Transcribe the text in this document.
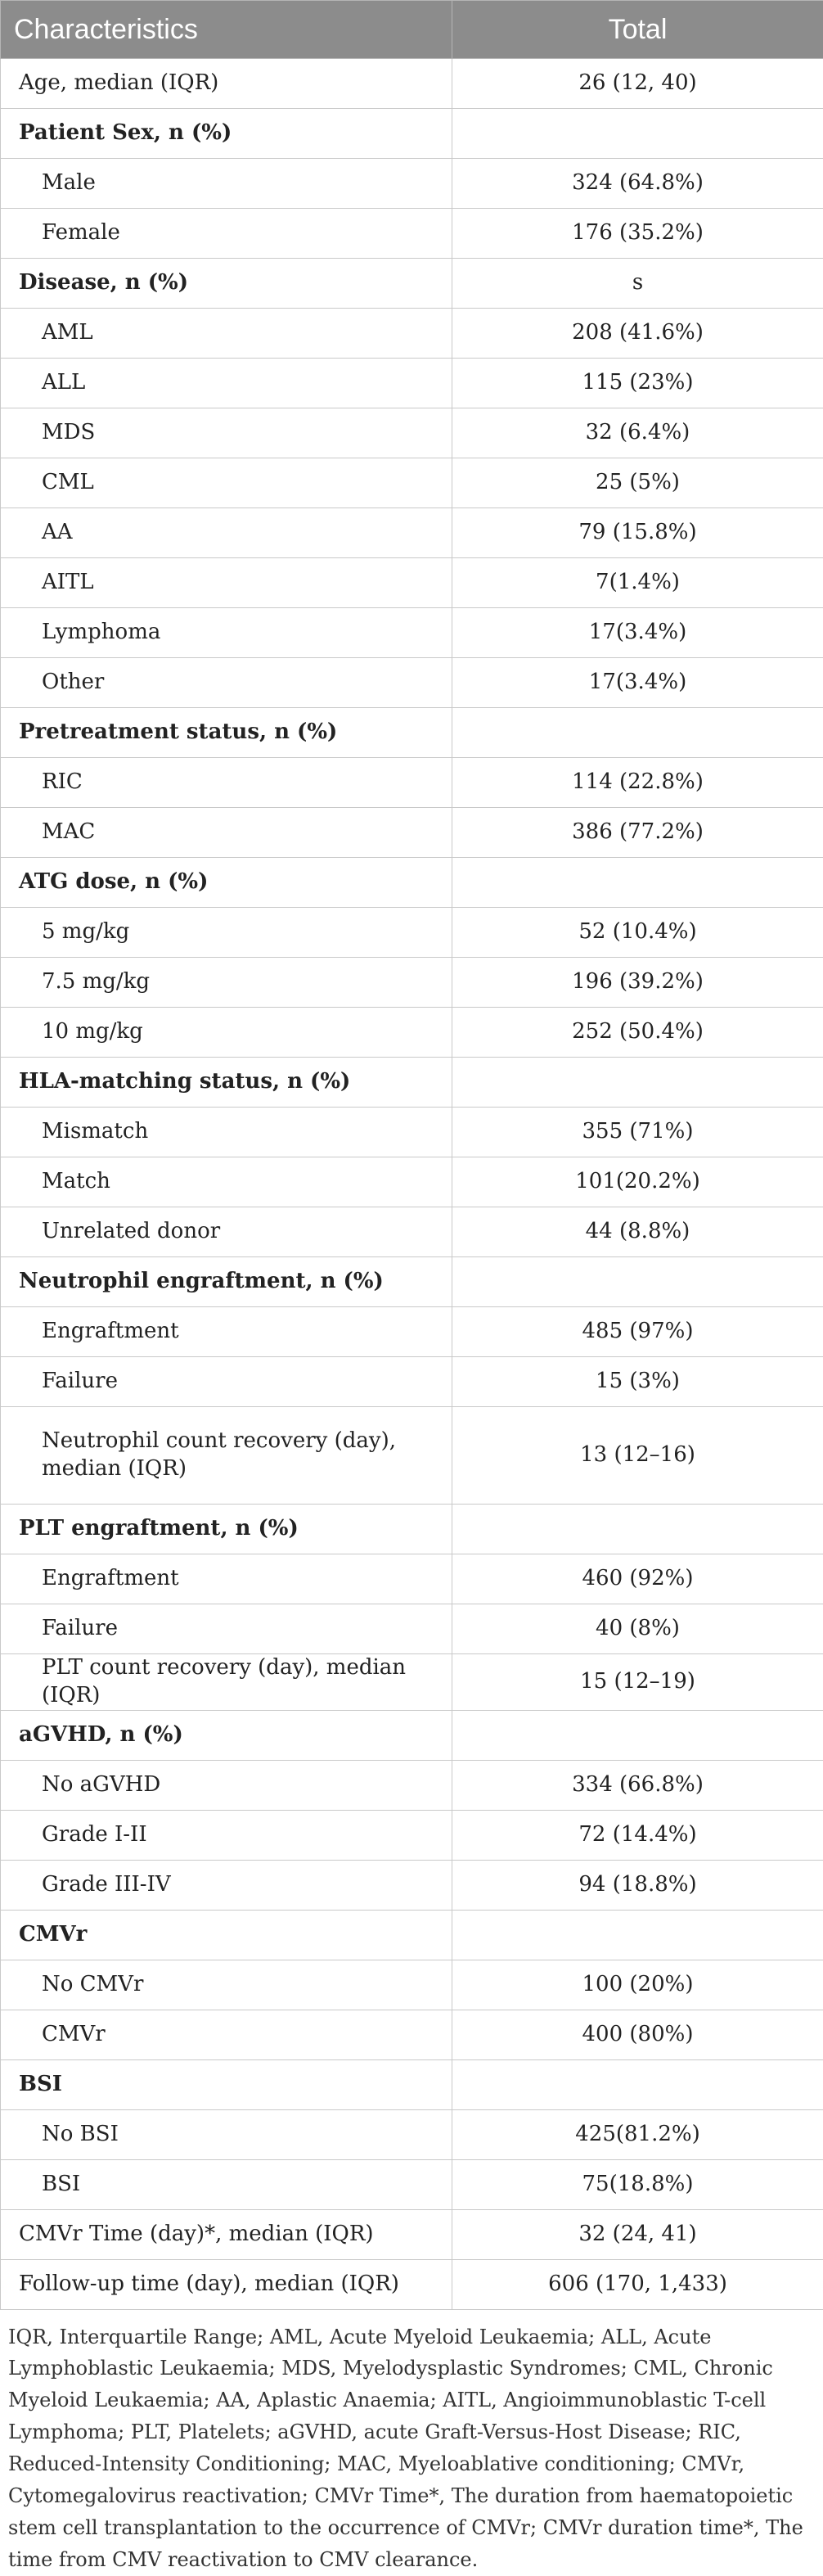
Characteristics	Total
Age, median (IQR)	26 (12, 40)
Patient Sex, n (%)	
Male	324 (64.8%)
Female	176 (35.2%)
Disease, n (%)	s
AML	208 (41.6%)
ALL	115 (23%)
MDS	32 (6.4%)
CML	25 (5%)
AA	79 (15.8%)
AITL	7(1.4%)
Lymphoma	17(3.4%)
Other	17(3.4%)
Pretreatment status, n (%)	
RIC	114 (22.8%)
MAC	386 (77.2%)
ATG dose, n (%)	
5 mg/kg	52 (10.4%)
7.5 mg/kg	196 (39.2%)
10 mg/kg	252 (50.4%)
HLA-matching status, n (%)	
Mismatch	355 (71%)
Match	101(20.2%)
Unrelated donor	44 (8.8%)
Neutrophil engraftment, n (%)	
Engraftment	485 (97%)
Failure	15 (3%)
Neutrophil count recovery (day), median (IQR)	13 (12–16)
PLT engraftment, n (%)	
Engraftment	460 (92%)
Failure	40 (8%)
PLT count recovery (day), median (IQR)	15 (12–19)
aGVHD, n (%)	
No aGVHD	334 (66.8%)
Grade I-II	72 (14.4%)
Grade III-IV	94 (18.8%)
CMVr	
No CMVr	100 (20%)
CMVr	400 (80%)
BSI	
No BSI	425(81.2%)
BSI	75(18.8%)
CMVr Time (day)*, median (IQR)	32 (24, 41)
Follow-up time (day), median (IQR)	606 (170, 1,433)

IQR, Interquartile Range; AML, Acute Myeloid Leukaemia; ALL, Acute Lymphoblastic Leukaemia; MDS, Myelodysplastic Syndromes; CML, Chronic Myeloid Leukaemia; AA, Aplastic Anaemia; AITL, Angioimmunoblastic T-cell Lymphoma; PLT, Platelets; aGVHD, acute Graft-Versus-Host Disease; RIC, Reduced-Intensity Conditioning; MAC, Myeloablative conditioning; CMVr, Cytomegalovirus reactivation; CMVr Time*, The duration from haematopoietic stem cell transplantation to the occurrence of CMVr; CMVr duration time*, The time from CMV reactivation to CMV clearance.
